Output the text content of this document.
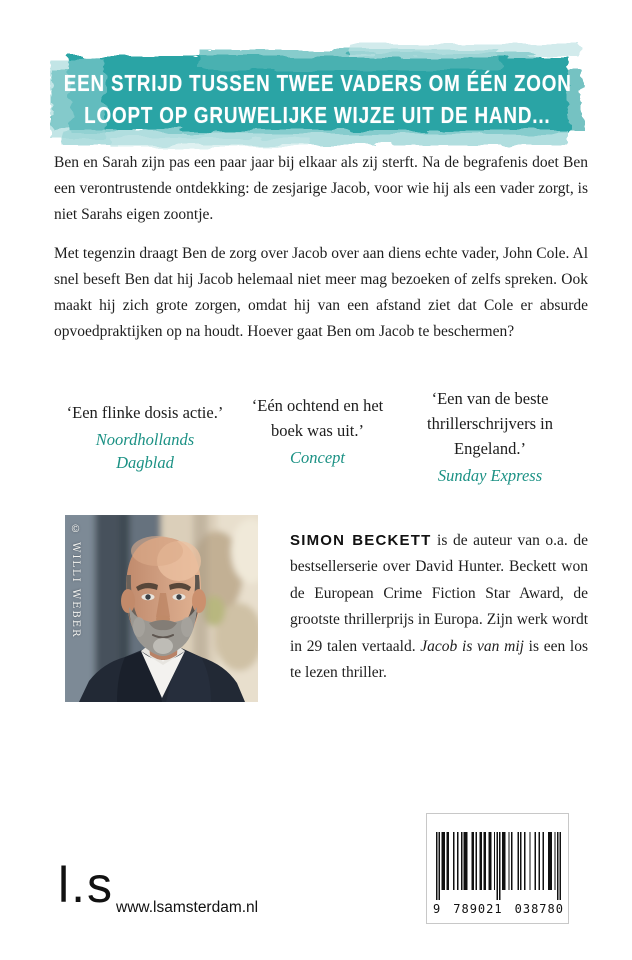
EEN STRIJD TUSSEN TWEE VADERS OM ÉÉN ZOON
LOOPT OP GRUWELIJKE WIJZE UIT DE HAND...

Ben en Sarah zijn pas een paar jaar bij elkaar als zij sterft. Na de begrafenis doet Ben een verontrustende ontdekking: de zesjarige Jacob, voor wie hij als een vader zorgt, is niet Sarahs eigen zoontje.

Met tegenzin draagt Ben de zorg over Jacob over aan diens echte vader, John Cole. Al snel beseft Ben dat hij Jacob helemaal niet meer mag bezoeken of zelfs spreken. Ook maakt hij zich grote zorgen, omdat hij van een afstand ziet dat Cole er absurde opvoedpraktijken op na houdt. Hoever gaat Ben om Jacob te beschermen?

‘Een flinke dosis actie.’
Noordhollands Dagblad
‘Eén ochtend en het boek was uit.’
Concept
‘Een van de beste thrillerschrijvers in Engeland.’
Sunday Express
© WILLI WEBER	SIMON BECKETT is de auteur van o.a. de bestsellerserie over David Hunter. Beckett won de European Crime Fiction Star Award, de grootste thrillerprijs in Europa. Zijn werk wordt in 29 talen vertaald. Jacob is van mij is een los te lezen thriller.

l.s www.lsamsterdam.nl	9 789021 038780
